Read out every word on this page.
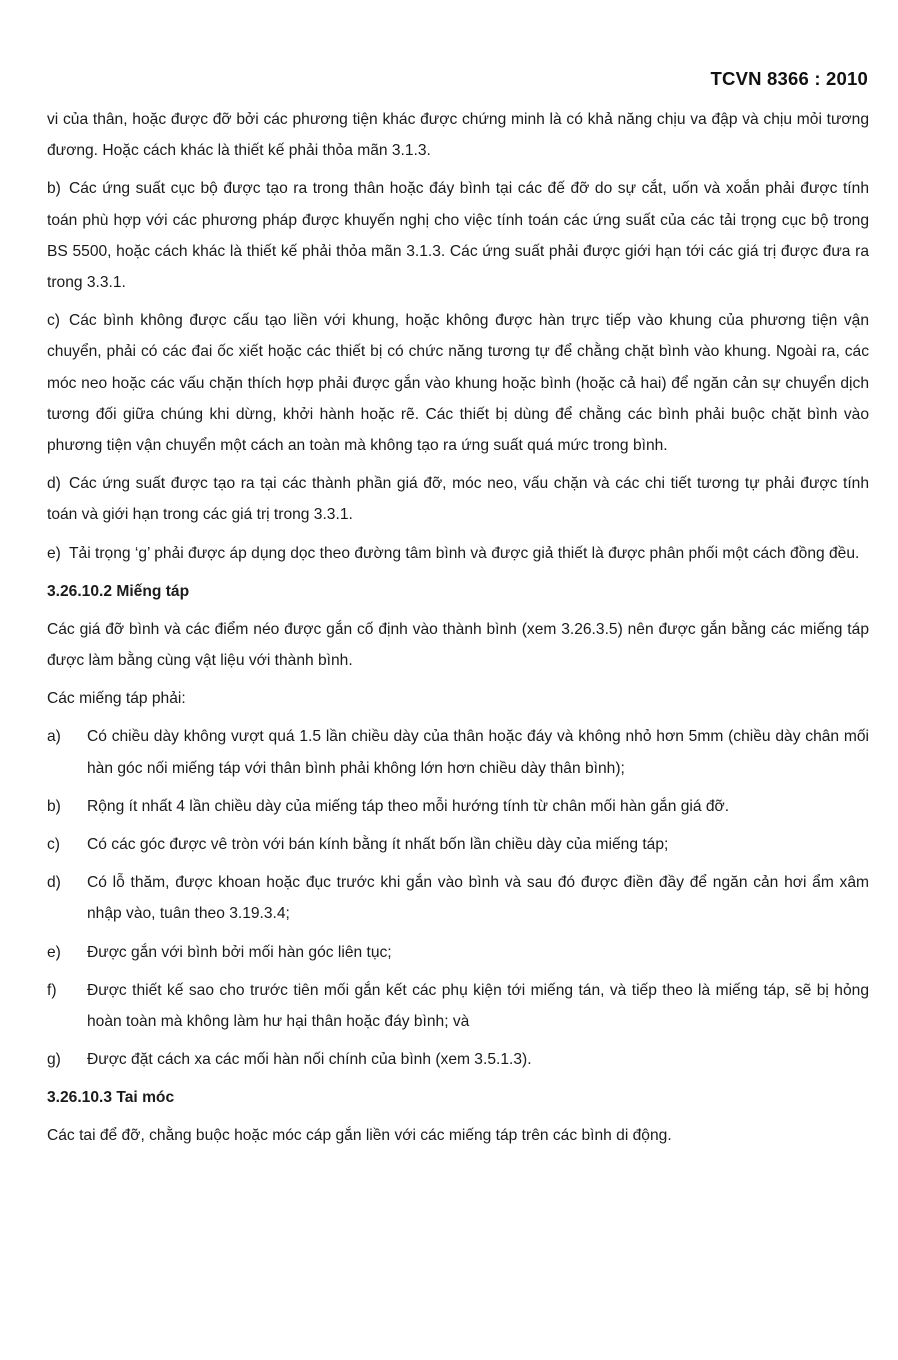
TCVN 8366 : 2010

vi của thân, hoặc được đỡ bởi các phương tiện khác được chứng minh là có khả năng chịu va đập và chịu mỏi tương đương. Hoặc cách khác là thiết kế phải thỏa mãn 3.1.3.

b) Các ứng suất cục bộ được tạo ra trong thân hoặc đáy bình tại các đế đỡ do sự cắt, uốn và xoắn phải được tính toán phù hợp với các phương pháp được khuyến nghị cho việc tính toán các ứng suất của các tải trọng cục bộ trong BS 5500, hoặc cách khác là thiết kế phải thỏa mãn 3.1.3. Các ứng suất phải được giới hạn tới các giá trị được đưa ra trong 3.3.1.

c) Các bình không được cấu tạo liền với khung, hoặc không được hàn trực tiếp vào khung của phương tiện vận chuyển, phải có các đai ốc xiết hoặc các thiết bị có chức năng tương tự để chằng chặt bình vào khung. Ngoài ra, các móc neo hoặc các vấu chặn thích hợp phải được gắn vào khung hoặc bình (hoặc cả hai) để ngăn cản sự chuyển dịch tương đối giữa chúng khi dừng, khởi hành hoặc rẽ. Các thiết bị dùng để chằng các bình phải buộc chặt bình vào phương tiện vận chuyển một cách an toàn mà không tạo ra ứng suất quá mức trong bình.

d) Các ứng suất được tạo ra tại các thành phần giá đỡ, móc neo, vấu chặn và các chi tiết tương tự phải được tính toán và giới hạn trong các giá trị trong 3.3.1.

e) Tải trọng ‘g’ phải được áp dụng dọc theo đường tâm bình và được giả thiết là được phân phối một cách đồng đều.

3.26.10.2 Miếng táp

Các giá đỡ bình và các điểm néo được gắn cố định vào thành bình (xem 3.26.3.5) nên được gắn bằng các miếng táp được làm bằng cùng vật liệu với thành bình.

Các miếng táp phải:

a)	Có chiều dày không vượt quá 1.5 lần chiều dày của thân hoặc đáy và không nhỏ hơn 5mm (chiều dày chân mối hàn góc nối miếng táp với thân bình phải không lớn hơn chiều dày thân bình);
b)	Rộng ít nhất 4 lần chiều dày của miếng táp theo mỗi hướng tính từ chân mối hàn gắn giá đỡ.
c)	Có các góc được vê tròn với bán kính bằng ít nhất bốn lần chiều dày của miếng táp;
d)	Có lỗ thăm, được khoan hoặc đục trước khi gắn vào bình và sau đó được điền đầy để ngăn cản hơi ẩm xâm nhập vào, tuân theo 3.19.3.4;
e)	Được gắn với bình bởi mối hàn góc liên tục;
f)	Được thiết kế sao cho trước tiên mối gắn kết các phụ kiện tới miếng tán, và tiếp theo là miếng táp, sẽ bị hỏng hoàn toàn mà không làm hư hại thân hoặc đáy bình; và
g)	Được đặt cách xa các mối hàn nối chính của bình (xem 3.5.1.3).
3.26.10.3 Tai móc

Các tai để đỡ, chằng buộc hoặc móc cáp gắn liền với các miếng táp trên các bình di động.
